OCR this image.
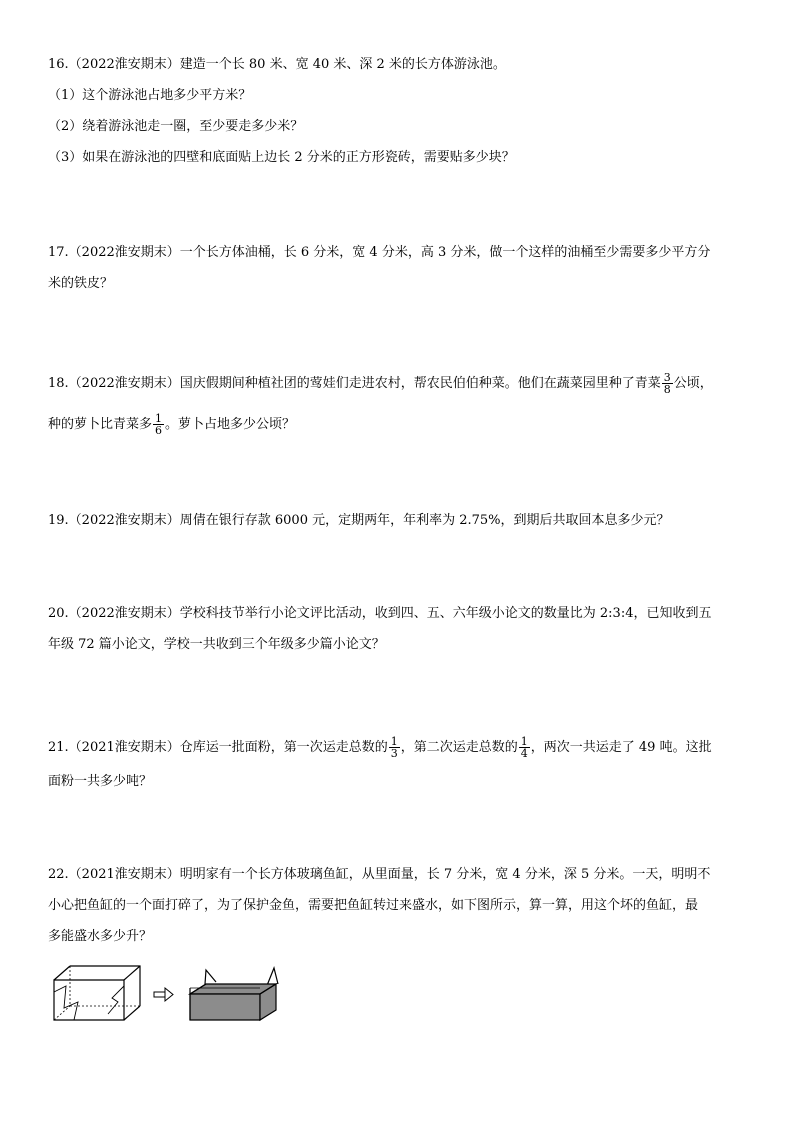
16.（2022淮安期末）建造一个长 80 米、宽 40 米、深 2 米的长方体游泳池。
（1）这个游泳池占地多少平方米？
（2）绕着游泳池走一圈，至少要走多少米？
（3）如果在游泳池的四壁和底面贴上边长 2 分米的正方形瓷砖，需要贴多少块？
17.（2022淮安期末）一个长方体油桶，长 6 分米，宽 4 分米，高 3 分米，做一个这样的油桶至少需要多少平方分
米的铁皮？
18.（2022淮安期末）国庆假期间种植社团的莺娃们走进农村，帮农民伯伯种菜。他们在蔬菜园里种了青菜 $\frac{3}{8}$ 公顷，
种的萝卜比青菜多 $\frac{1}{6}$ 。萝卜占地多少公顷？
19.（2022淮安期末）周倩在银行存款 6000 元，定期两年，年利率为 2.75%，到期后共取回本息多少元？
20.（2022淮安期末）学校科技节举行小论文评比活动，收到四、五、六年级小论文的数量比为 2:3:4，已知收到五
年级 72 篇小论文，学校一共收到三个年级多少篇小论文？
21.（2021淮安期末）仓库运一批面粉，第一次运走总数的 $\frac{1}{3}$ ，第二次运走总数的 $\frac{1}{4}$ ，两次一共运走了 49 吨。这批
面粉一共多少吨？
22.（2021淮安期末）明明家有一个长方体玻璃鱼缸，从里面量，长 7 分米，宽 4 分米，深 5 分米。一天，明明不
小心把鱼缸的一个面打碎了，为了保护金鱼，需要把鱼缸转过来盛水，如下图所示，算一算，用这个坏的鱼缸，最
多能盛水多少升？
